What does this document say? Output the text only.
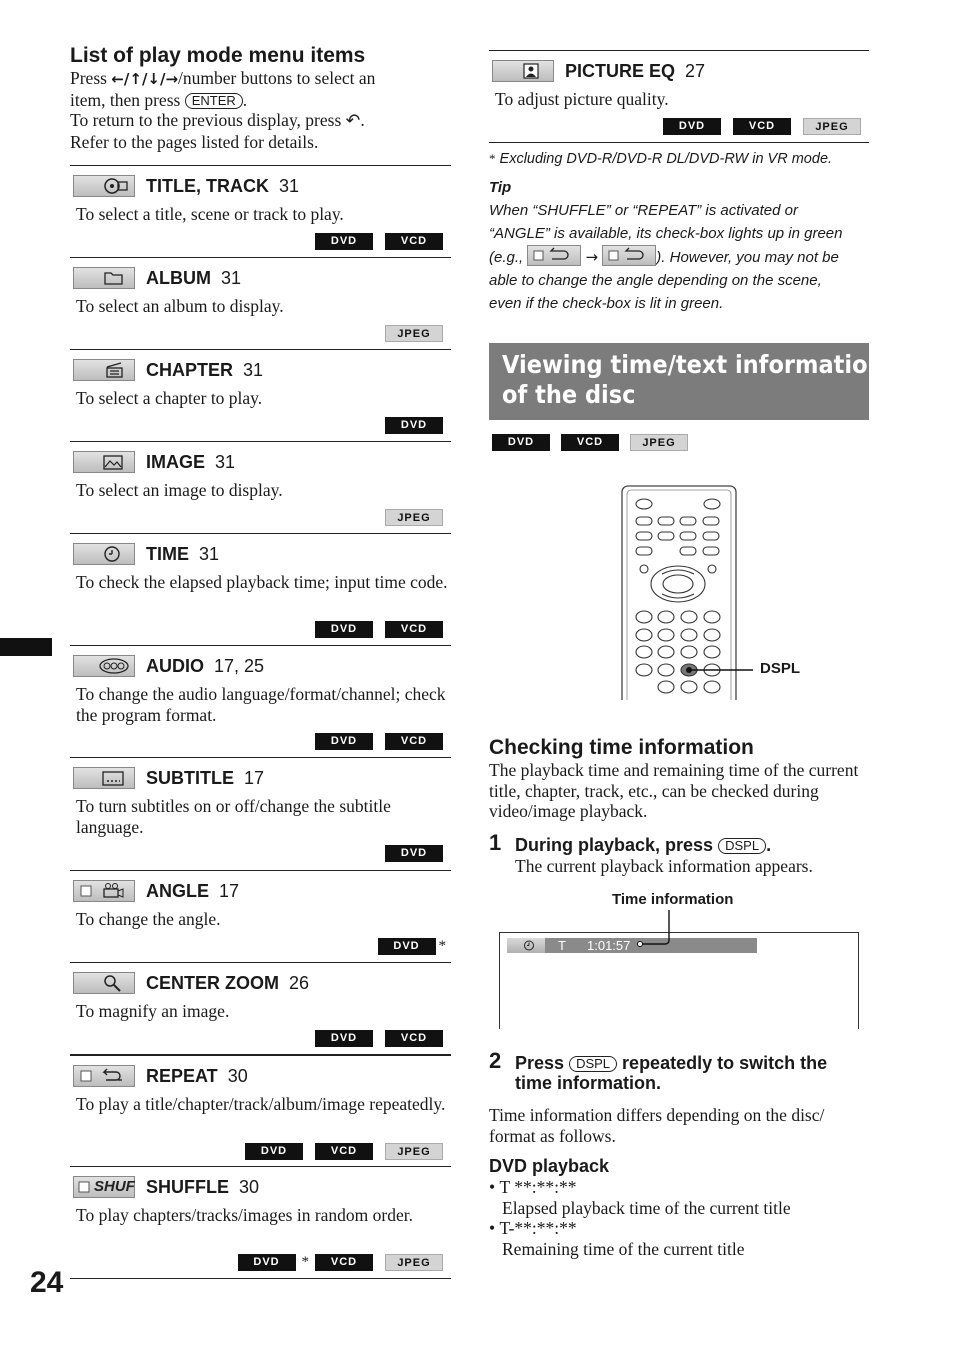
List of play mode menu items
Press ←/↑/↓/→/number buttons to select an
item, then press ENTER .
To return to the previous display, press ↶.
Refer to the pages listed for details.
TITLE, TRACK 31
To select a title, scene or track to play.
DVD	VCD
ALBUM 31
To select an album to display.
JPEG
CHAPTER 31
To select a chapter to play.
DVD
IMAGE 31
To select an image to display.
JPEG
TIME 31
To check the elapsed playback time; input time code.
DVD	VCD
AUDIO 17, 25
To change the audio language/format/channel; check the program format.
DVD	VCD
SUBTITLE 17
To turn subtitles on or off/change the subtitle language.
DVD
ANGLE 17
To change the angle.
DVD	*
CENTER ZOOM 26
To magnify an image.
DVD	VCD
REPEAT 30
To play a title/chapter/track/album/image repeatedly.
DVD	VCD	JPEG
SHUF SHUFFLE 30
To play chapters/tracks/images in random order.
DVD	*	VCD	JPEG
24
PICTURE EQ 27
To adjust picture quality.
DVD	VCD	JPEG
* Excluding DVD-R/DVD-R DL/DVD-RW in VR mode.
Tip
When “SHUFFLE” or “REPEAT” is activated or
“ANGLE” is available, its check-box lights up in green
(e.g.,	→	). However, you may not be
able to change the angle depending on the scene,
even if the check-box is lit in green.
Viewing time/text information
of the disc
DVD	VCD	JPEG
DSPL
Checking time information
The playback time and remaining time of the current title, chapter, track, etc., can be checked during video/image playback.
1 During playback, press DSPL .
The current playback information appears.
Time information
T 1:01:57
2 Press DSPL repeatedly to switch the
time information.
Time information differs depending on the disc/ format as follows.
DVD playback
• T **:**:**
Elapsed playback time of the current title
• T-**:**:**
Remaining time of the current title
